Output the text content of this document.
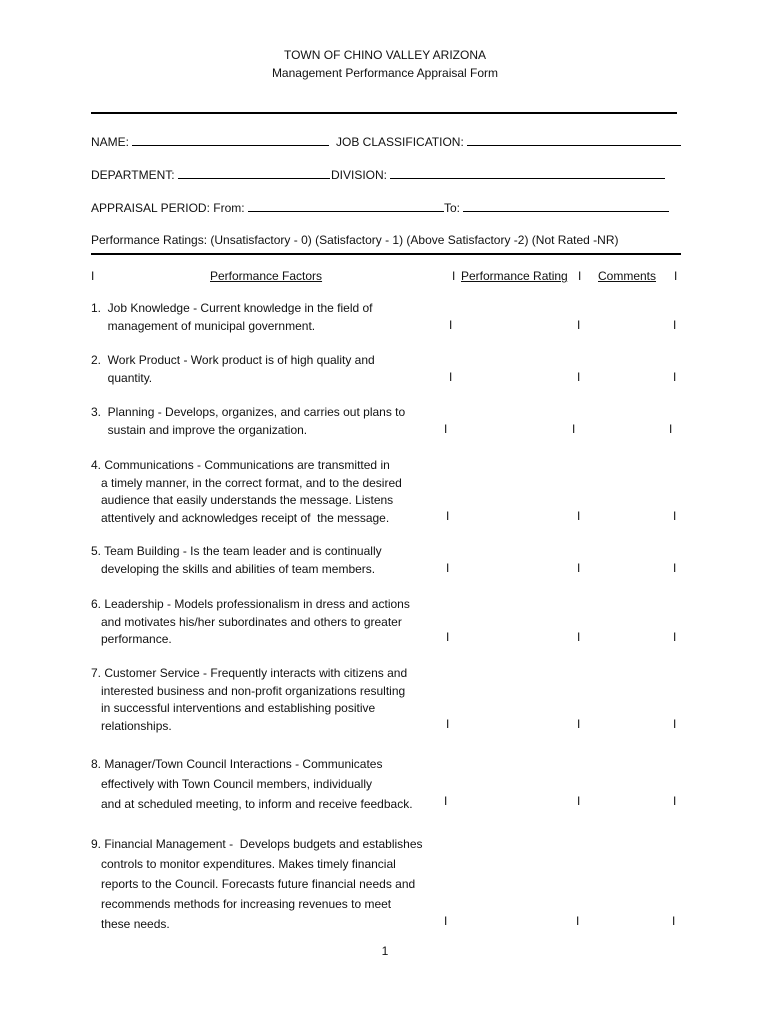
TOWN OF CHINO VALLEY ARIZONA
Management Performance Appraisal Form
NAME:	JOB CLASSIFICATION:
DEPARTMENT:	DIVISION:
APPRAISAL PERIOD: From:	To:
Performance Ratings: (Unsatisfactory - 0) (Satisfactory - 1) (Above Satisfactory -2) (Not Rated -NR)
I	Performance Factors	I Performance Rating I Comments I
1.  Job Knowledge - Current knowledge in the field of
management of municipal government.	I	I	I
2.  Work Product - Work product is of high quality and
quantity.	I	I	I
3.  Planning - Develops, organizes, and carries out plans to
sustain and improve the organization.	I	I	I
4. Communications - Communications are transmitted in
a timely manner, in the correct format, and to the desired
audience that easily understands the message. Listens
attentively and acknowledges receipt of  the message.	I	I	I
5. Team Building - Is the team leader and is continually
developing the skills and abilities of team members.	I	I	I
6. Leadership - Models professionalism in dress and actions
and motivates his/her subordinates and others to greater
performance.	I	I	I
7. Customer Service - Frequently interacts with citizens and
interested business and non-profit organizations resulting
in successful interventions and establishing positive
relationships.	I	I	I
8. Manager/Town Council Interactions - Communicates
effectively with Town Council members, individually
and at scheduled meeting, to inform and receive feedback.	I	I	I
9. Financial Management -  Develops budgets and establishes
controls to monitor expenditures. Makes timely financial
reports to the Council. Forecasts future financial needs and
recommends methods for increasing revenues to meet
these needs.	I	I	I
1
